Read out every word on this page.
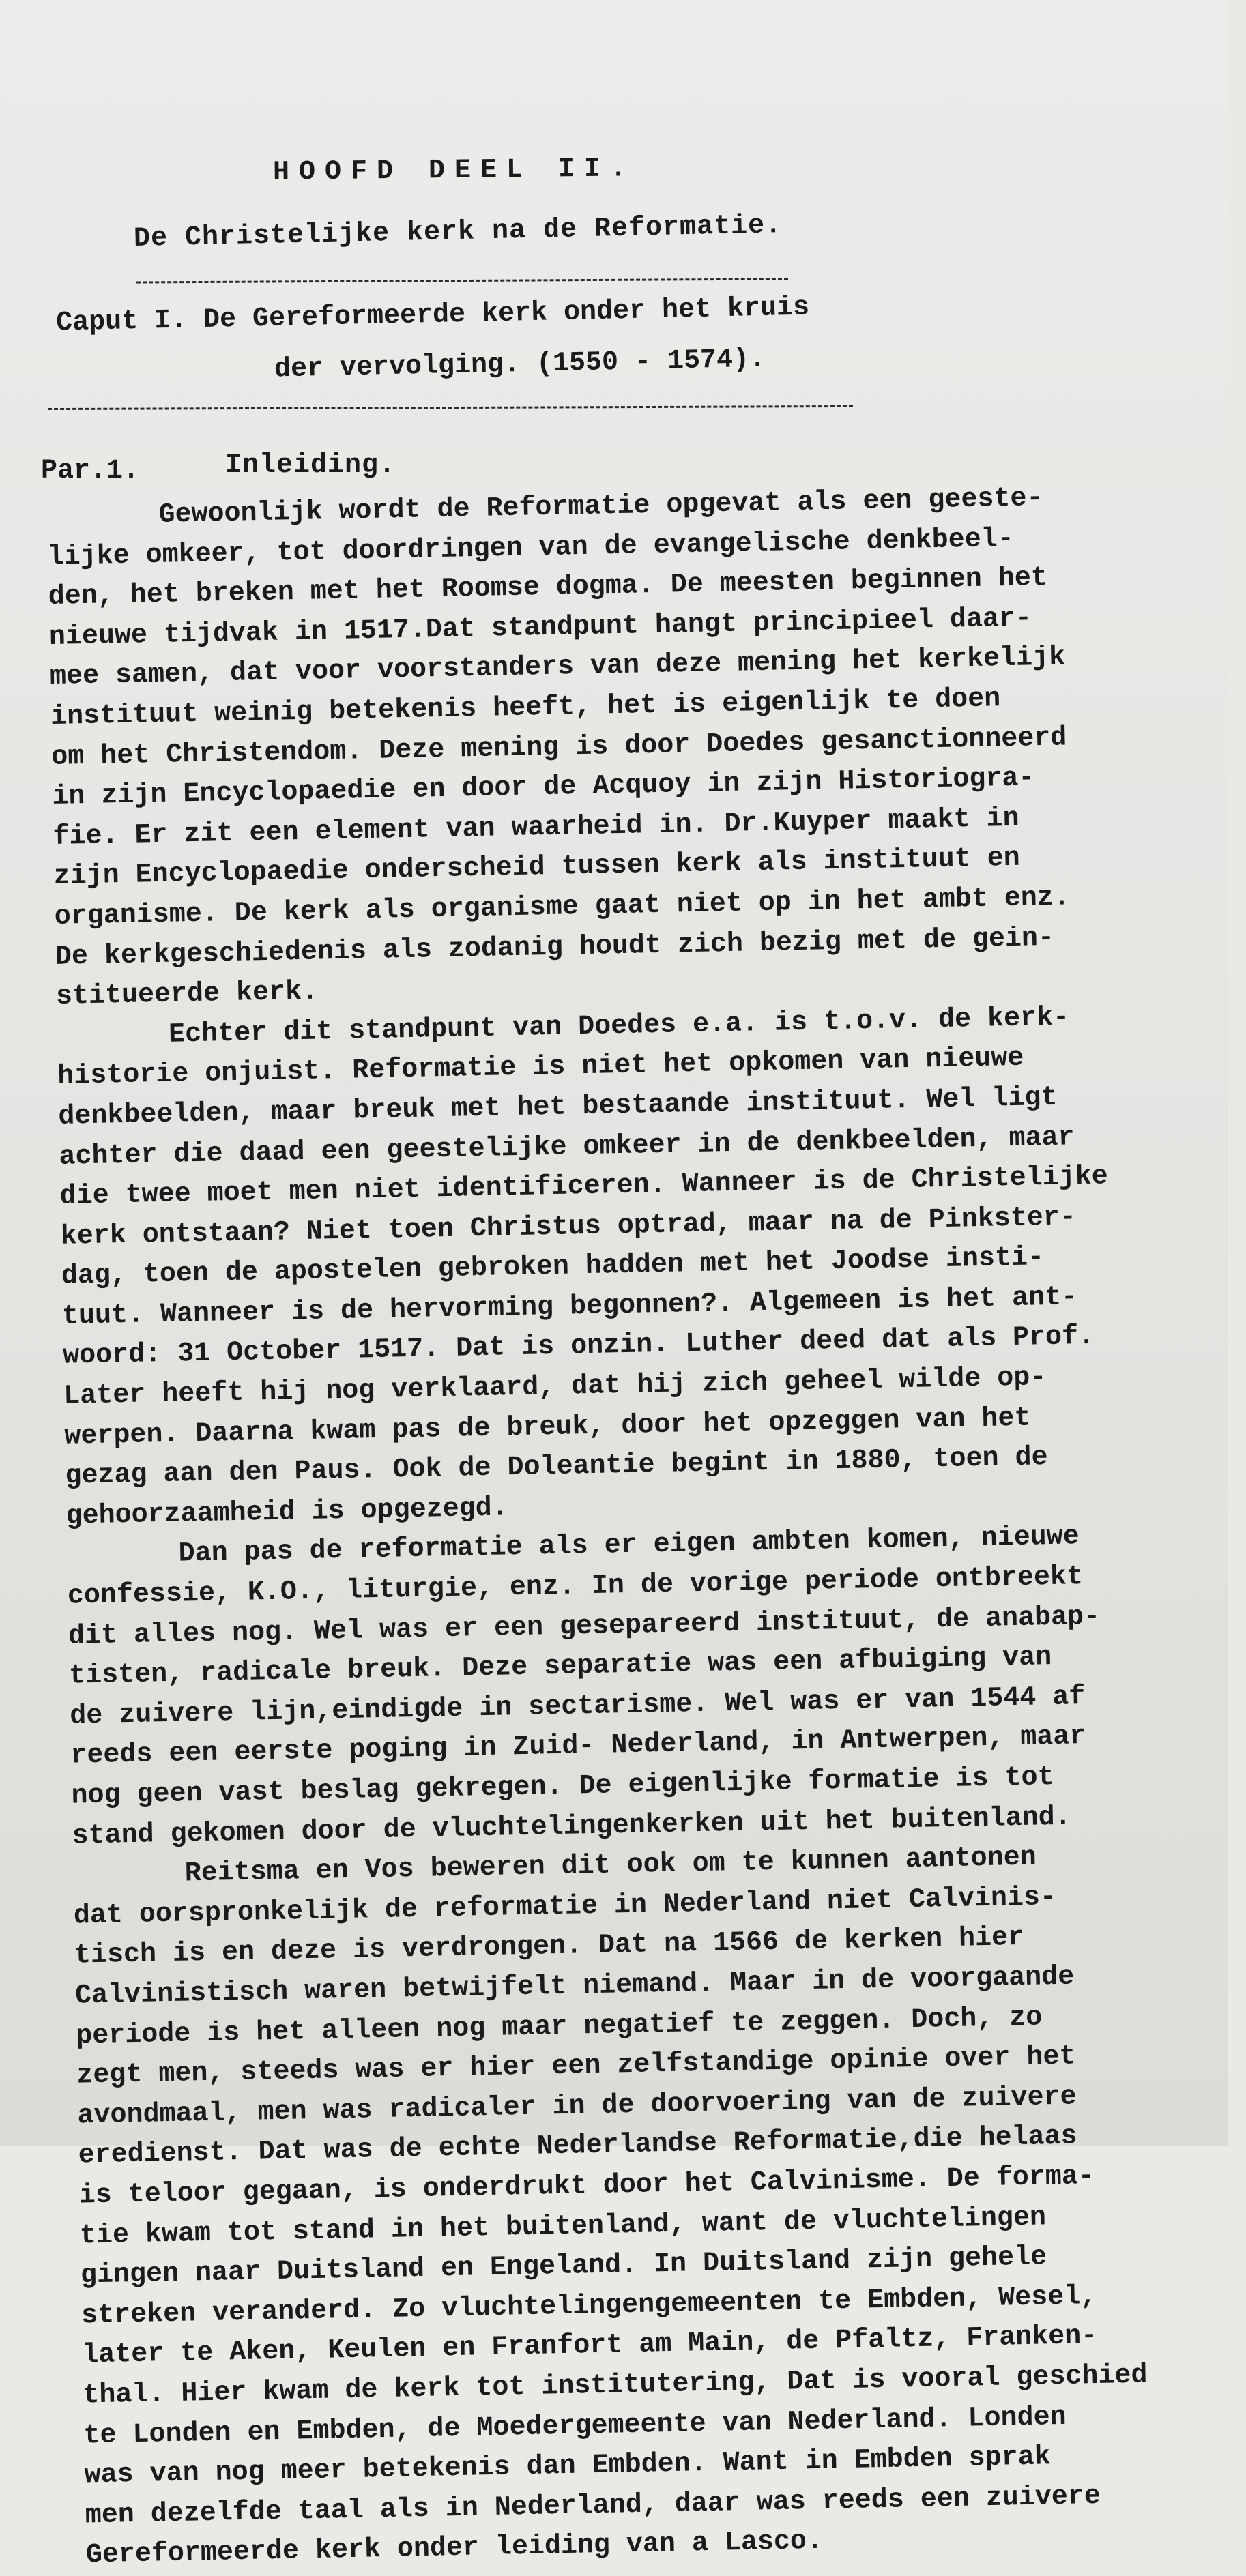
HOOFD DEEL II.
De Christelijke kerk na de Reformatie.
Caput I. De Gereformeerde kerk onder het kruis
der vervolging. (1550 - 1574).
Par.1.	Inleiding.
Gewoonlijk wordt de Reformatie opgevat als een geeste-
lijke omkeer, tot doordringen van de evangelische denkbeel-
den, het breken met het Roomse dogma. De meesten beginnen het
nieuwe tijdvak in 1517.Dat standpunt hangt principieel daar-
mee samen, dat voor voorstanders van deze mening het kerkelijk
instituut weinig betekenis heeft, het is eigenlijk te doen
om het Christendom. Deze mening is door Doedes gesanctionneerd
in zijn Encyclopaedie en door de Acquoy in zijn Historiogra-
fie. Er zit een element van waarheid in. Dr.Kuyper maakt in
zijn Encyclopaedie onderscheid tussen kerk als instituut en
organisme. De kerk als organisme gaat niet op in het ambt enz.
De kerkgeschiedenis als zodanig houdt zich bezig met de gein-
stitueerde kerk.
Echter dit standpunt van Doedes e.a. is t.o.v. de kerk-
historie onjuist. Reformatie is niet het opkomen van nieuwe
denkbeelden, maar breuk met het bestaande instituut. Wel ligt
achter die daad een geestelijke omkeer in de denkbeelden, maar
die twee moet men niet identificeren. Wanneer is de Christelijke
kerk ontstaan? Niet toen Christus optrad, maar na de Pinkster-
dag, toen de apostelen gebroken hadden met het Joodse insti-
tuut. Wanneer is de hervorming begonnen?. Algemeen is het ant-
woord: 31 October 1517. Dat is onzin. Luther deed dat als Prof.
Later heeft hij nog verklaard, dat hij zich geheel wilde op-
werpen. Daarna kwam pas de breuk, door het opzeggen van het
gezag aan den Paus. Ook de Doleantie begint in 1880, toen de
gehoorzaamheid is opgezegd.
Dan pas de reformatie als er eigen ambten komen, nieuwe
confessie, K.O., liturgie, enz. In de vorige periode ontbreekt
dit alles nog. Wel was er een gesepareerd instituut, de anabap-
tisten, radicale breuk. Deze separatie was een afbuiging van
de zuivere lijn,eindigde in sectarisme. Wel was er van 1544 af
reeds een eerste poging in Zuid- Nederland, in Antwerpen, maar
nog geen vast beslag gekregen. De eigenlijke formatie is tot
stand gekomen door de vluchtelingenkerken uit het buitenland.
Reitsma en Vos beweren dit ook om te kunnen aantonen
dat oorspronkelijk de reformatie in Nederland niet Calvinis-
tisch is en deze is verdrongen. Dat na 1566 de kerken hier
Calvinistisch waren betwijfelt niemand. Maar in de voorgaande
periode is het alleen nog maar negatief te zeggen. Doch, zo
zegt men, steeds was er hier een zelfstandige opinie over het
avondmaal, men was radicaler in de doorvoering van de zuivere
eredienst. Dat was de echte Nederlandse Reformatie,die helaas
is teloor gegaan, is onderdrukt door het Calvinisme. De forma-
tie kwam tot stand in het buitenland, want de vluchtelingen
gingen naar Duitsland en Engeland. In Duitsland zijn gehele
streken veranderd. Zo vluchtelingengemeenten te Embden, Wesel,
later te Aken, Keulen en Franfort am Main, de Pfaltz, Franken-
thal. Hier kwam de kerk tot institutering, Dat is vooral geschied
te Londen en Embden, de Moedergemeente van Nederland. Londen
was van nog meer betekenis dan Embden. Want in Embden sprak
men dezelfde taal als in Nederland, daar was reeds een zuivere
Gereformeerde kerk onder leiding van a Lasco.
